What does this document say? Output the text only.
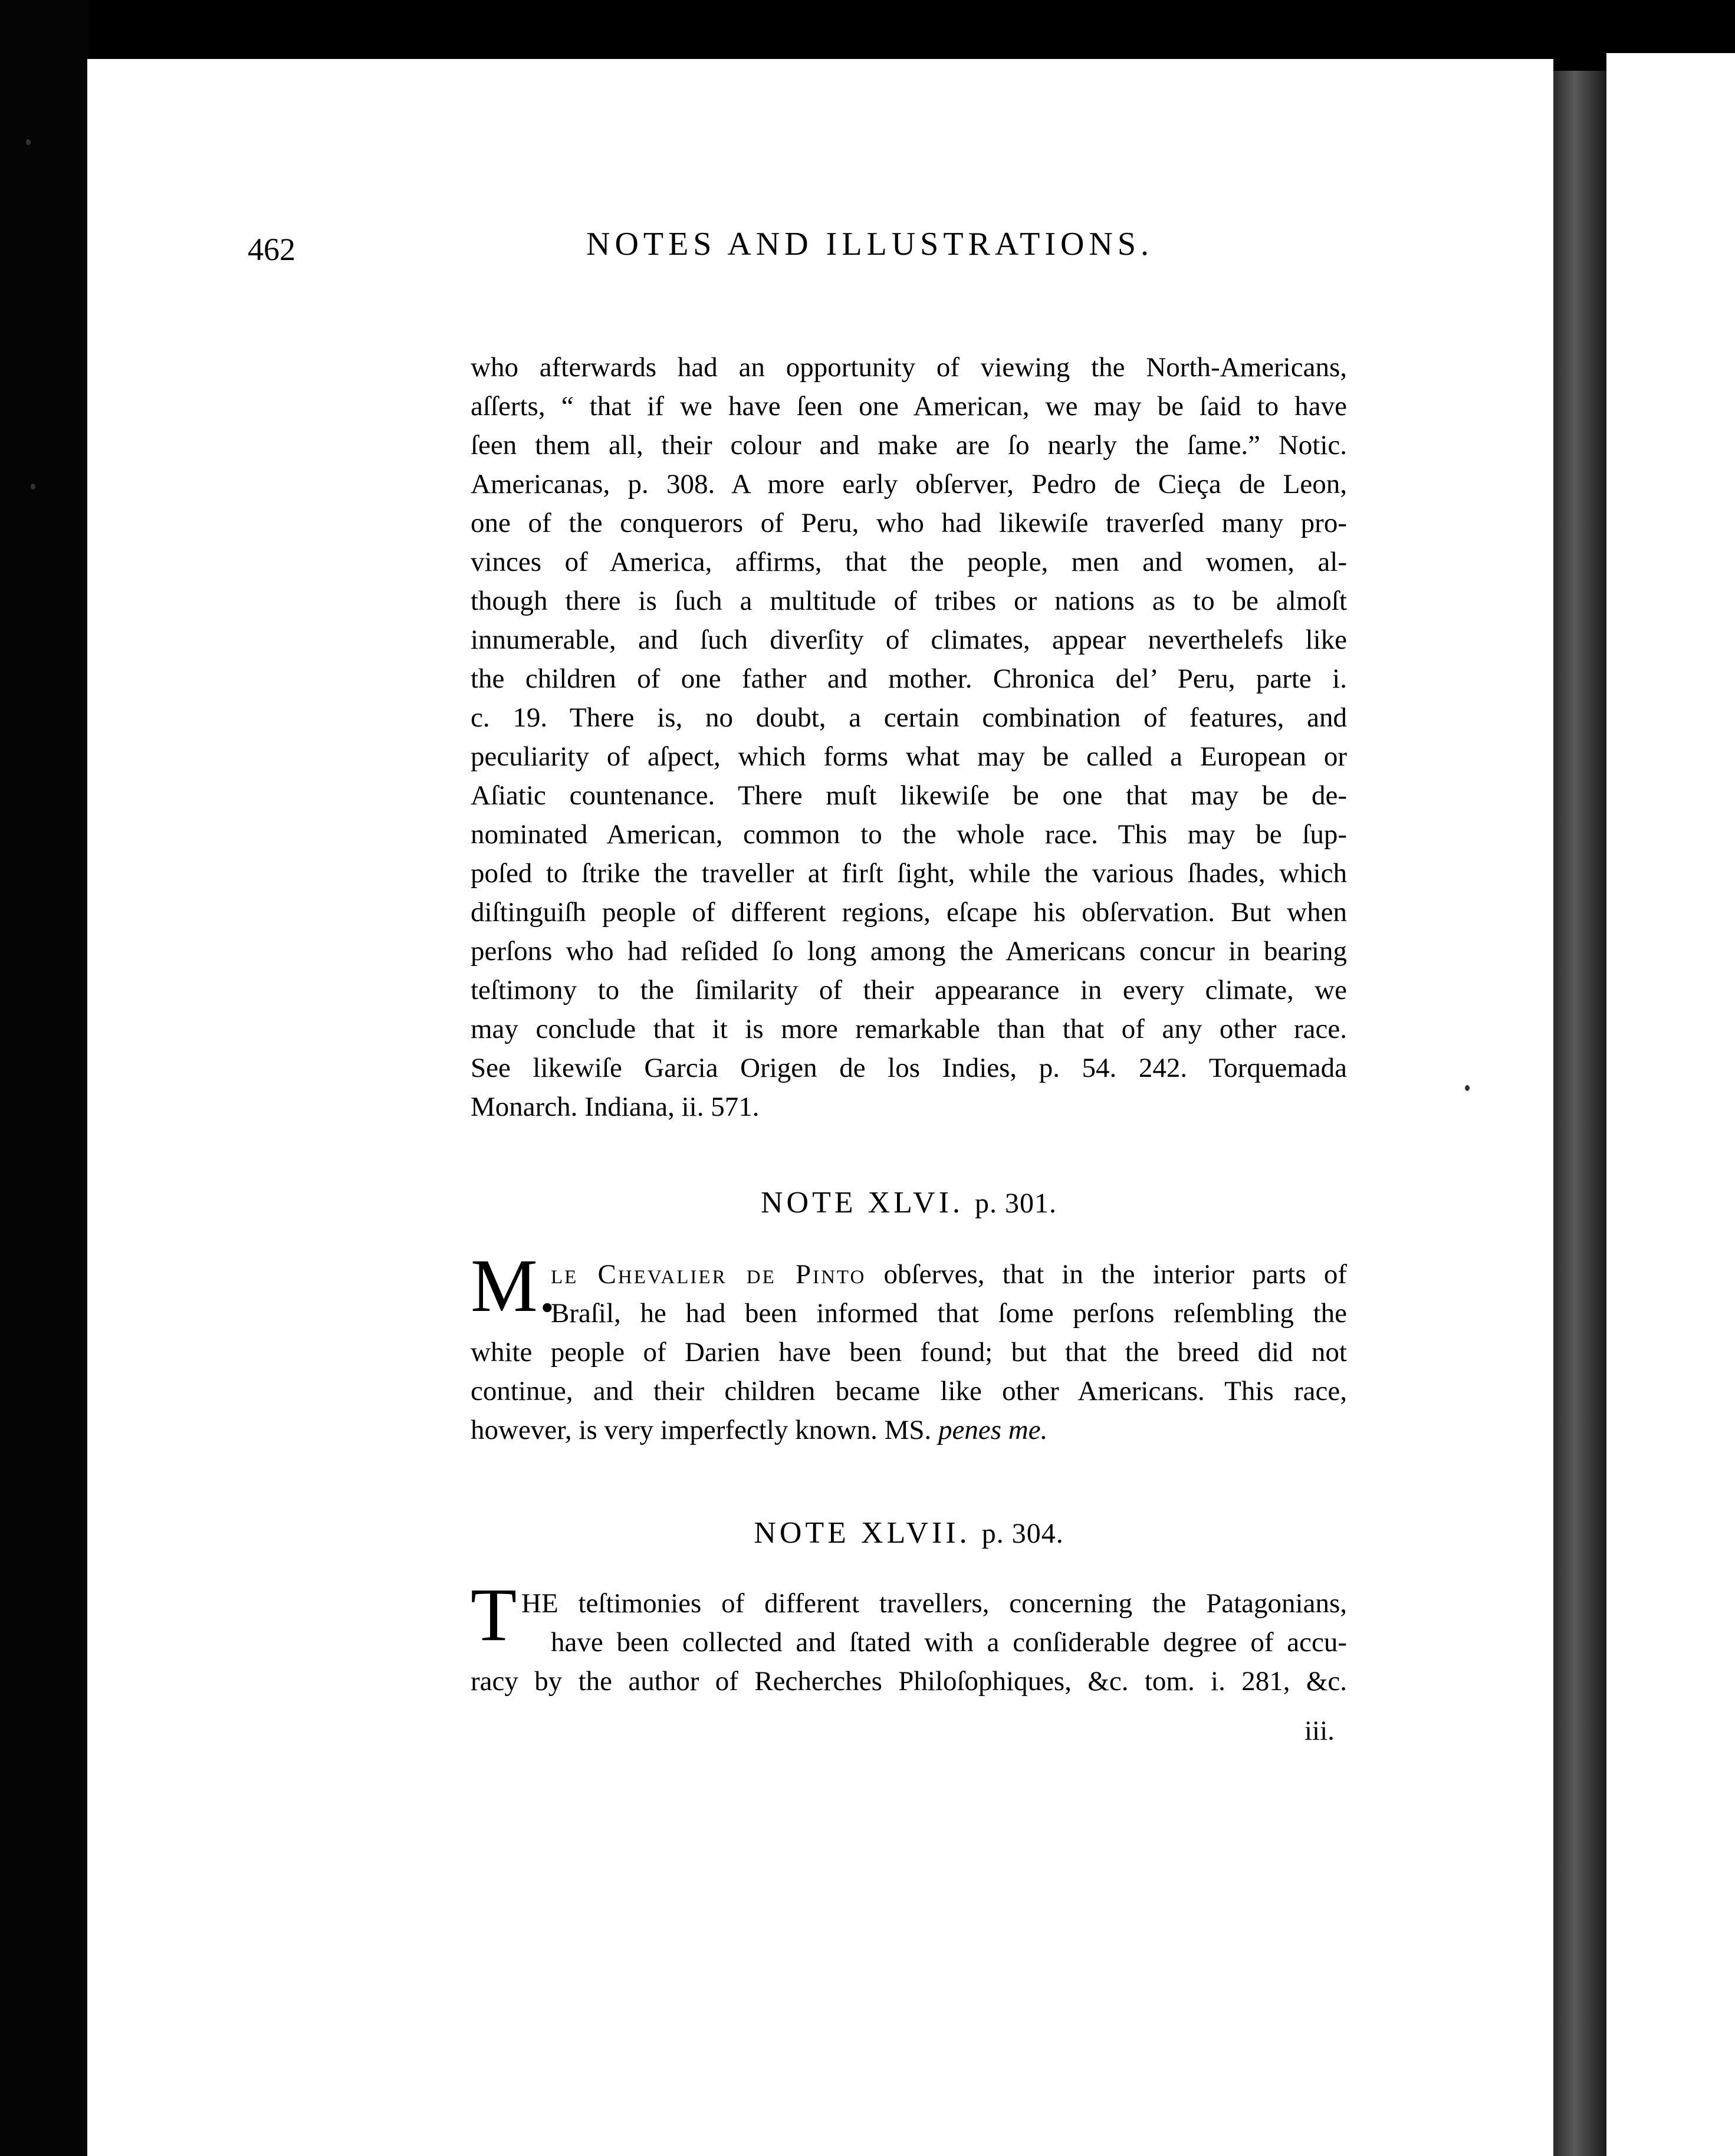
462	NOTES AND ILLUSTRATIONS.
who afterwards had an opportunity of viewing the North-Americans,
aſſerts, “ that if we have ſeen one American, we may be ſaid to have
ſeen them all, their colour and make are ſo nearly the ſame.” Notic.
Americanas, p. 308. A more early obſerver, Pedro de Cieça de Leon,
one of the conquerors of Peru, who had likewiſe traverſed many pro-
vinces of America, affirms, that the people, men and women, al-
though there is ſuch a multitude of tribes or nations as to be almoſt
innumerable, and ſuch diverſity of climates, appear neverthelefs like
the children of one father and mother. Chronica del’ Peru, parte i.
c. 19. There is, no doubt, a certain combination of features, and
peculiarity of aſpect, which forms what may be called a European or
Aſiatic countenance. There muſt likewiſe be one that may be de-
nominated American, common to the whole race. This may be ſup-
poſed to ſtrike the traveller at firſt ſight, while the various ſhades, which
diſtinguiſh people of different regions, eſcape his obſervation. But when
perſons who had reſided ſo long among the Americans concur in bearing
teſtimony to the ſimilarity of their appearance in every climate, we
may conclude that it is more remarkable than that of any other race.
See likewiſe Garcia Origen de los Indies, p. 54. 242. Torquemada
Monarch. Indiana, ii. 571.
NOTE XLVI. p. 301.
M.
le Chevalier de Pinto obſerves, that in the interior parts of
Braſil, he had been informed that ſome perſons reſembling the
white people of Darien have been found; but that the breed did not
continue, and their children became like other Americans. This race,
however, is very imperfectly known. MS. penes me.
NOTE XLVII. p. 304.
T HE teſtimonies of different travellers, concerning the Patagonians,
have been collected and ſtated with a conſiderable degree of accu-
racy by the author of Recherches Philoſophiques, &c. tom. i. 281, &c.
iii.
